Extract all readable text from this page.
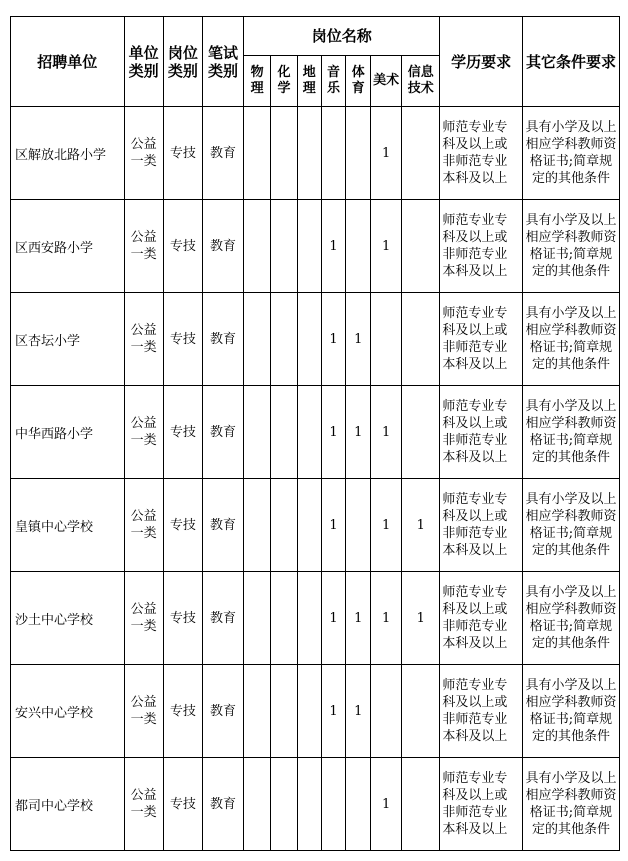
招聘单位	单位类别	岗位类别	笔试类别	岗位名称							学历要求	其它条件要求
				物理	化学	地理	音乐	体育	美术	信息技术		
区解放北路小学	公益一类	专技	教育						1		师范专业专科及以上或非师范专业本科及以上	具有小学及以上相应学科教师资格证书;简章规定的其他条件
区西安路小学	公益一类	专技	教育				1		1		师范专业专科及以上或非师范专业本科及以上	具有小学及以上相应学科教师资格证书;简章规定的其他条件
区杏坛小学	公益一类	专技	教育				1	1			师范专业专科及以上或非师范专业本科及以上	具有小学及以上相应学科教师资格证书;简章规定的其他条件
中华西路小学	公益一类	专技	教育				1	1	1		师范专业专科及以上或非师范专业本科及以上	具有小学及以上相应学科教师资格证书;简章规定的其他条件
皇镇中心学校	公益一类	专技	教育				1		1	1	师范专业专科及以上或非师范专业本科及以上	具有小学及以上相应学科教师资格证书;简章规定的其他条件
沙土中心学校	公益一类	专技	教育				1	1	1	1	师范专业专科及以上或非师范专业本科及以上	具有小学及以上相应学科教师资格证书;简章规定的其他条件
安兴中心学校	公益一类	专技	教育				1	1			师范专业专科及以上或非师范专业本科及以上	具有小学及以上相应学科教师资格证书;简章规定的其他条件
都司中心学校	公益一类	专技	教育						1		师范专业专科及以上或非师范专业本科及以上	具有小学及以上相应学科教师资格证书;简章规定的其他条件
